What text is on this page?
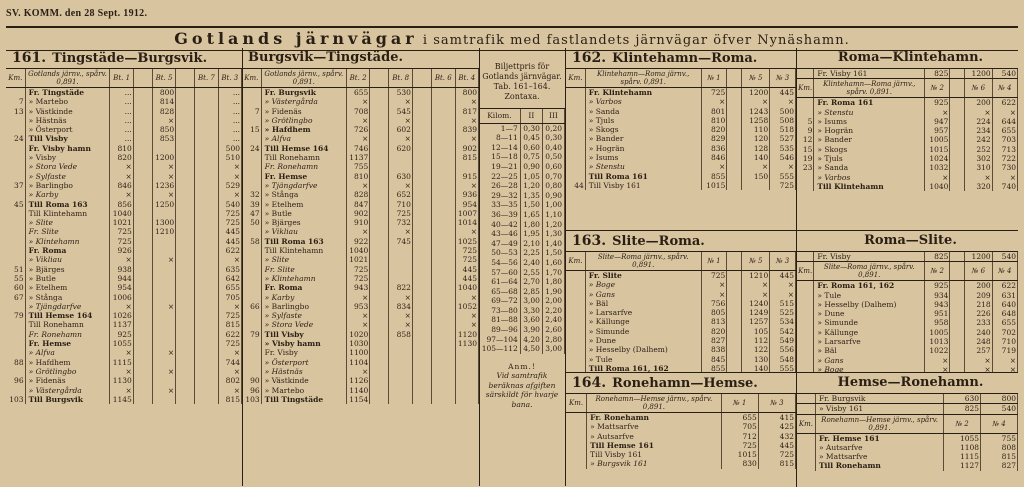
SV. KOMM. den 28 Sept. 1912.
Gotlands järnvägar i samtrafik med fastlandets järnvägar öfver Nynäshamn.
161. Tingstäde—Burgsvik.
Km.	Gotlands järnv., spårv. 0,891.	Bt. 1		Bt. 5		Bt. 7	Bt. 3
	Fr. Tingstäde	...		800			...
7	» Martebo	...		814			...
13	» Västkinde	...		828			...
	» Hästnäs	...		×			...
	» Österport	...		850			...
24	Till Visby	...		853			...
	Fr. Visby hamn	810					500
	» Visby	820		1200			510
	» Stora Vede	×		×			×
	» Sylfaste	×		×			×
37	» Barlingbo	846		1236			529
	» Karby	×		×			×
45	Till Roma 163	856		1250			540
	Till Klintehamn	1040					725
	» Slite	1021		1300			725
	Fr. Slite	725		1210			445
	» Klintehamn	725					445
	Fr. Roma	926					622
	» Vikliau	×		×			×
51	» Bjärges	938					635
55	» Butle	944					642
60	» Etelhem	954					655
67	» Stånga	1006					705
	» Tjängdarfve	×		×			×
79	Till Hemse 164	1026					725
	Till Ronehamn	1137					815
	Fr. Ronehamn	925					622
	Fr. Hemse	1055					725
	» Alfva	×		×			×
88	» Hafdhem	1115					744
	» Grötlingbo	×		×			×
96	» Fidenäs	1130					802
	» Västergårda	×		×			×
103	Till Burgsvik	1145					815
Burgsvik—Tingstäde.
Km.	Gotlands järnv., spårv. 0,891.	Bt. 2		Bt. 8		Bt. 6	Bt. 4
	Fr. Burgsvik	655		530			800
	» Västergårda	×		×			×
7	» Fidenäs	708		545			817
	» Grötlingbo	×		×			×
15	» Hafdhem	726		602			839
	» Alfva	×		×			×
24	Till Hemse 164	746		620			902
	Till Ronehamn	1137					815
	Fr. Ronehamn	755					
	Fr. Hemse	810		630			915
	» Tjängdarfve	×		×			×
32	» Stånga	828		652			936
39	» Etelhem	847		710			954
47	» Butle	902		725			1007
50	» Bjärges	910		732			1014
	» Vikliau	×		×			×
58	Till Roma 163	922		745			1025
	Till Klintehamn	1040					725
	» Slite	1021					725
	Fr. Slite	725					445
	» Klintehamn	725					445
	Fr. Roma	943		822			1040
	» Karby	×		×			×
66	» Barlingbo	953		834			1052
	» Sylfaste	×		×			×
	» Stora Vede	×		×			×
79	Till Visby	1020		858			1120
	» Visby hamn	1030					1130
	Fr. Visby	1100					
	» Österport	1104					
	» Hästnäs	×					
90	» Västkinde	1126					
96	» Martebo	1140					
103	Till Tingstäde	1154					
Biljettpris för Gotlands järnvägar. Tab. 161–164. Zontaxa.
Kilom.	II	III
1—7	0,30	0,20
8—11	0,45	0,30
12—14	0,60	0,40
15—18	0,75	0,50
19—21	0,90	0,60
22—25	1,05	0,70
26—28	1,20	0,80
29—32	1,35	0,90
33—35	1,50	1,00
36—39	1,65	1,10
40—42	1,80	1,20
43—46	1,95	1,30
47—49	2,10	1,40
50—53	2,25	1,50
54—56	2,40	1,60
57—60	2,55	1,70
61—64	2,70	1,80
65—68	2,85	1,90
69—72	3,00	2,00
73—80	3,30	2,20
81—88	3,60	2,40
89—96	3,90	2,60
97—104	4,20	2,80
105—112	4,50	3,00
Anm.!
Vid samtrafik beräknas afgiften särskildt för hvarje bana.
162. Klintehamn—Roma.
Km.	Klintehamn—Roma järnv., spårv. 0,891.	№ 1		№ 5	№ 3
	Fr. Klintehamn	725		1200	445
	» Varbos	×		×	×
	» Sanda	801		1243	500
	» Tjuls	810		1258	508
	» Skogs	820		110	518
	» Bander	829		120	527
	» Hogrän	836		128	535
	» Isums	846		140	546
	» Stenstu	×		×	×
	Till Roma 161	855		150	555
44	Till Visby 161	1015			725
Roma—Klintehamn.
	Fr. Visby 161	825		1200	540
Km.	Klintehamn—Roma järnv., spårv. 0,891.	№ 2		№ 6	№ 4
	Fr. Roma 161	925		200	622
	» Stenstu	×		×	×
5	» Isums	947		224	644
9	» Hogrän	957		234	655
12	» Bander	1005		242	703
15	» Skogs	1015		252	713
19	» Tjuls	1024		302	722
23	» Sanda	1032		310	730
	» Varbos	×		×	×
	Till Klintehamn	1040		320	740
163. Slite—Roma.
Km.	Slite—Roma järnv., spårv. 0,891.	№ 1		№ 5	№ 3
	Fr. Slite	725		1210	445
	» Boge	×		×	×
	» Gans	×		×	×
	» Bäl	756		1240	515
	» Larsarfve	805		1249	525
	» Källunge	813		1257	534
	» Simunde	820		105	542
	» Dune	827		112	549
	» Hesselby (Dalhem)	838		122	556
	» Tule	845		130	548
	Till Roma 161, 162	855		140	555
Roma—Slite.
	Fr. Visby	825		1200	540
Km.	Slite—Roma järnv., spårv. 0,891.	№ 2		№ 6	№ 4
	Fr. Roma 161, 162	925		200	622
	» Tule	934		209	631
	» Hesselby (Dalhem)	943		218	640
	» Dune	951		226	648
	» Simunde	958		233	655
	» Källunge	1005		240	702
	» Larsarfve	1013		248	710
	» Bäl	1022		257	719
	» Gans	×		×	×
	» Boge	×		×	×

164. Ronehamn—Hemse.
Km.	Ronehamn—Hemse järnv., spårv. 0,891.	№ 1	№ 3
	Fr. Ronehamn	655	415
	» Mattsarfve	705	425
	» Autsarfve	712	432
	Till Hemse 161	725	445
	Till Visby 161	1015	725
	» Burgsvik 161	830	815
Hemse—Ronehamn.
	Fr. Burgsvik	630	800
	» Visby 161	825	540
Km.	Ronehamn—Hemse järnv., spårv. 0,891.	№ 2	№ 4
	Fr. Hemse 161	1055	755
	» Autsarfve	1108	808
	» Mattsarfve	1115	815
	Till Ronehamn	1127	827
